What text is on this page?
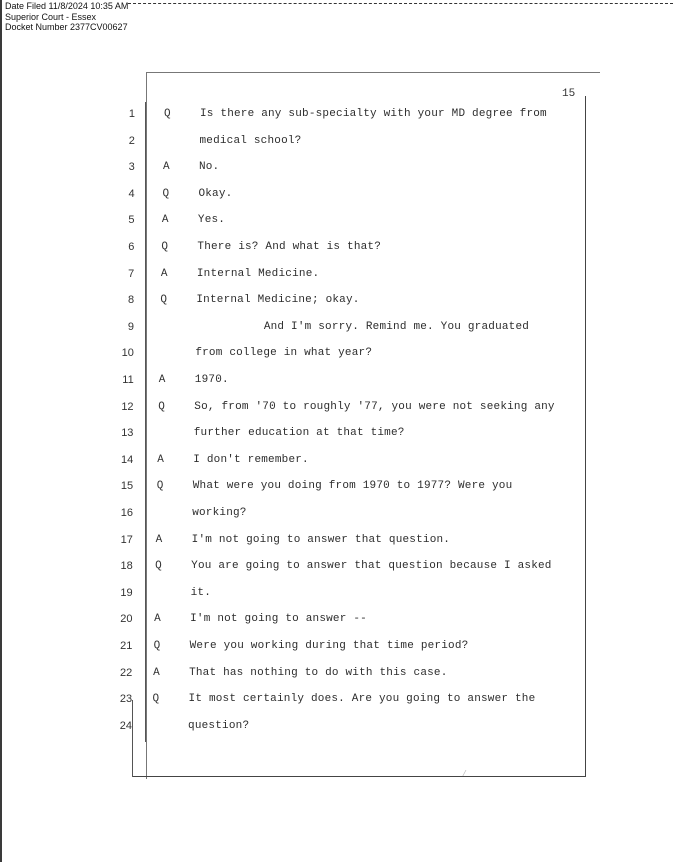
Date Filed 11/8/2024 10:35 AM
Superior Court - Essex
Docket Number 2377CV00627
15
1	Q	Is there any sub-specialty with your MD degree from
2	medical school?
3	A	No.
4	Q	Okay.
5 A	Yes.
6 Q	There is? And what is that?
7 A	Internal Medicine.
8 Q	Internal Medicine; okay.
9	And I'm sorry. Remind me. You graduated
10	from college in what year?
11 A	1970.
12 Q	So, from '70 to roughly '77, you were not seeking any
13	further education at that time?
14 A	I don't remember.
15 Q	What were you doing from 1970 to 1977? Were you
16	working?
17 A	I'm not going to answer that question.
18 Q	You are going to answer that question because I asked
19	it.
20 A	I'm not going to answer --
21 Q	Were you working during that time period?
22 A	That has nothing to do with this case.
23 Q	It most certainly does. Are you going to answer the
24	question?
/
